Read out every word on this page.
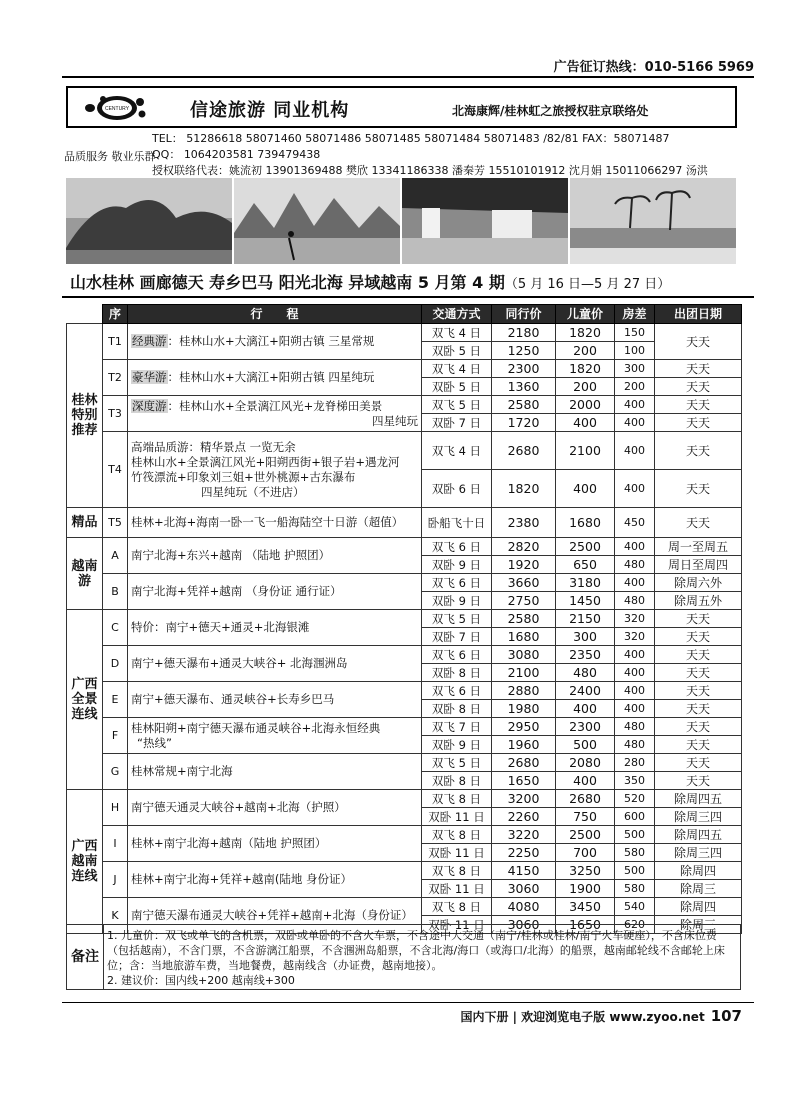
广告征订热线：010-5166 5969
CENTURY	信途旅游 同业机构	北海康辉/桂林虹之旅授权驻京联络处
TEL： 51286618 58071460 58071486 58071485 58071484 58071483 /82/81 FAX：58071487
QQ： 1064203581 739479438
品质服务 敬业乐群
授权联络代表：姚流初 13901369488 樊欣 13341186338 潘秦芳 15510101912 沈月娟 15011066297 汤洪
山水桂林 画廊德天 寿乡巴马 阳光北海 异域越南 5 月第 4 期（5 月 16 日—5 月 27 日）
	序	行　　程	交通方式	同行价	儿童价	房差	出团日期
桂林特别推荐	T1	经典游：桂林山水+大漓江+阳朔古镇 三星常规	双飞 4 日	2180	1820	150	天天
			双卧 5 日	1250	200	100	
	T2	豪华游：桂林山水+大漓江+阳朔古镇 四星纯玩	双飞 4 日	2300	1820	300	天天
			双卧 5 日	1360	200	200	天天
	T3	深度游：桂林山水+全景漓江风光+龙脊梯田美景
四星纯玩	双飞 5 日	2580	2000	400	天天
			双卧 7 日	1720	400	400	天天
	T4	高端品质游：精华景点 一览无余
桂林山水+全景漓江风光+阳朔西街+银子岩+遇龙河
竹筏漂流+印象刘三姐+世外桃源+古东瀑布
四星纯玩（不进店）	双飞 4 日	2680	2100	400	天天
			双卧 6 日	1820	400	400	天天
精品	T5	桂林+北海+海南一卧一飞一船海陆空十日游（超值）	卧船飞十日	2380	1680	450	天天
越南游	A	南宁北海+东兴+越南 （陆地 护照团）	双飞 6 日	2820	2500	400	周一至周五
			双卧 9 日	1920	650	480	周日至周四
	B	南宁北海+凭祥+越南 （身份证 通行证）	双飞 6 日	3660	3180	400	除周六外
			双卧 9 日	2750	1450	480	除周五外
广西全景连线	C	特价：南宁+德天+通灵+北海银滩	双飞 5 日	2580	2150	320	天天
			双卧 7 日	1680	300	320	天天
	D	南宁+德天瀑布+通灵大峡谷+ 北海涠洲岛	双飞 6 日	3080	2350	400	天天
			双卧 8 日	2100	480	400	天天
	E	南宁+德天瀑布、通灵峡谷+长寿乡巴马	双飞 6 日	2880	2400	400	天天
			双卧 8 日	1980	400	400	天天
	F	桂林阳朔+南宁德天瀑布通灵峡谷+北海永恒经典
“热线”	双飞 7 日	2950	2300	480	天天
			双卧 9 日	1960	500	480	天天
	G	桂林常规+南宁北海	双飞 5 日	2680	2080	280	天天
			双卧 8 日	1650	400	350	天天
广西越南连线	H	南宁德天通灵大峡谷+越南+北海（护照）	双飞 8 日	3200	2680	520	除周四五
			双卧 11 日	2260	750	600	除周三四
	I	桂林+南宁北海+越南（陆地 护照团）	双飞 8 日	3220	2500	500	除周四五
			双卧 11 日	2250	700	580	除周三四
	J	桂林+南宁北海+凭祥+越南(陆地 身份证）	双飞 8 日	4150	3250	500	除周四
			双卧 11 日	3060	1900	580	除周三
	K	南宁德天瀑布通灵大峡谷+凭祥+越南+北海（身份证）	双飞 8 日	4080	3450	540	除周四
			双卧 11 日	3060	1650	620	除周三
备注
1. 儿童价：双飞或单飞的含机票，双卧或单卧的不含火车票，不含途中大交通（南宁/桂林或桂林/南宁火车硬座），不含床位费（包括越南），不含门票，不含游漓江船票，不含涠洲岛船票，不含北海/海口（或海口/北海）的船票，越南邮轮线不含邮轮上床位；含：当地旅游车费，当地餐费，越南线含（办证费，越南地接）。
2. 建议价：国内线+200 越南线+300
国内下册 | 欢迎浏览电子版 www.zyoo.net 107
